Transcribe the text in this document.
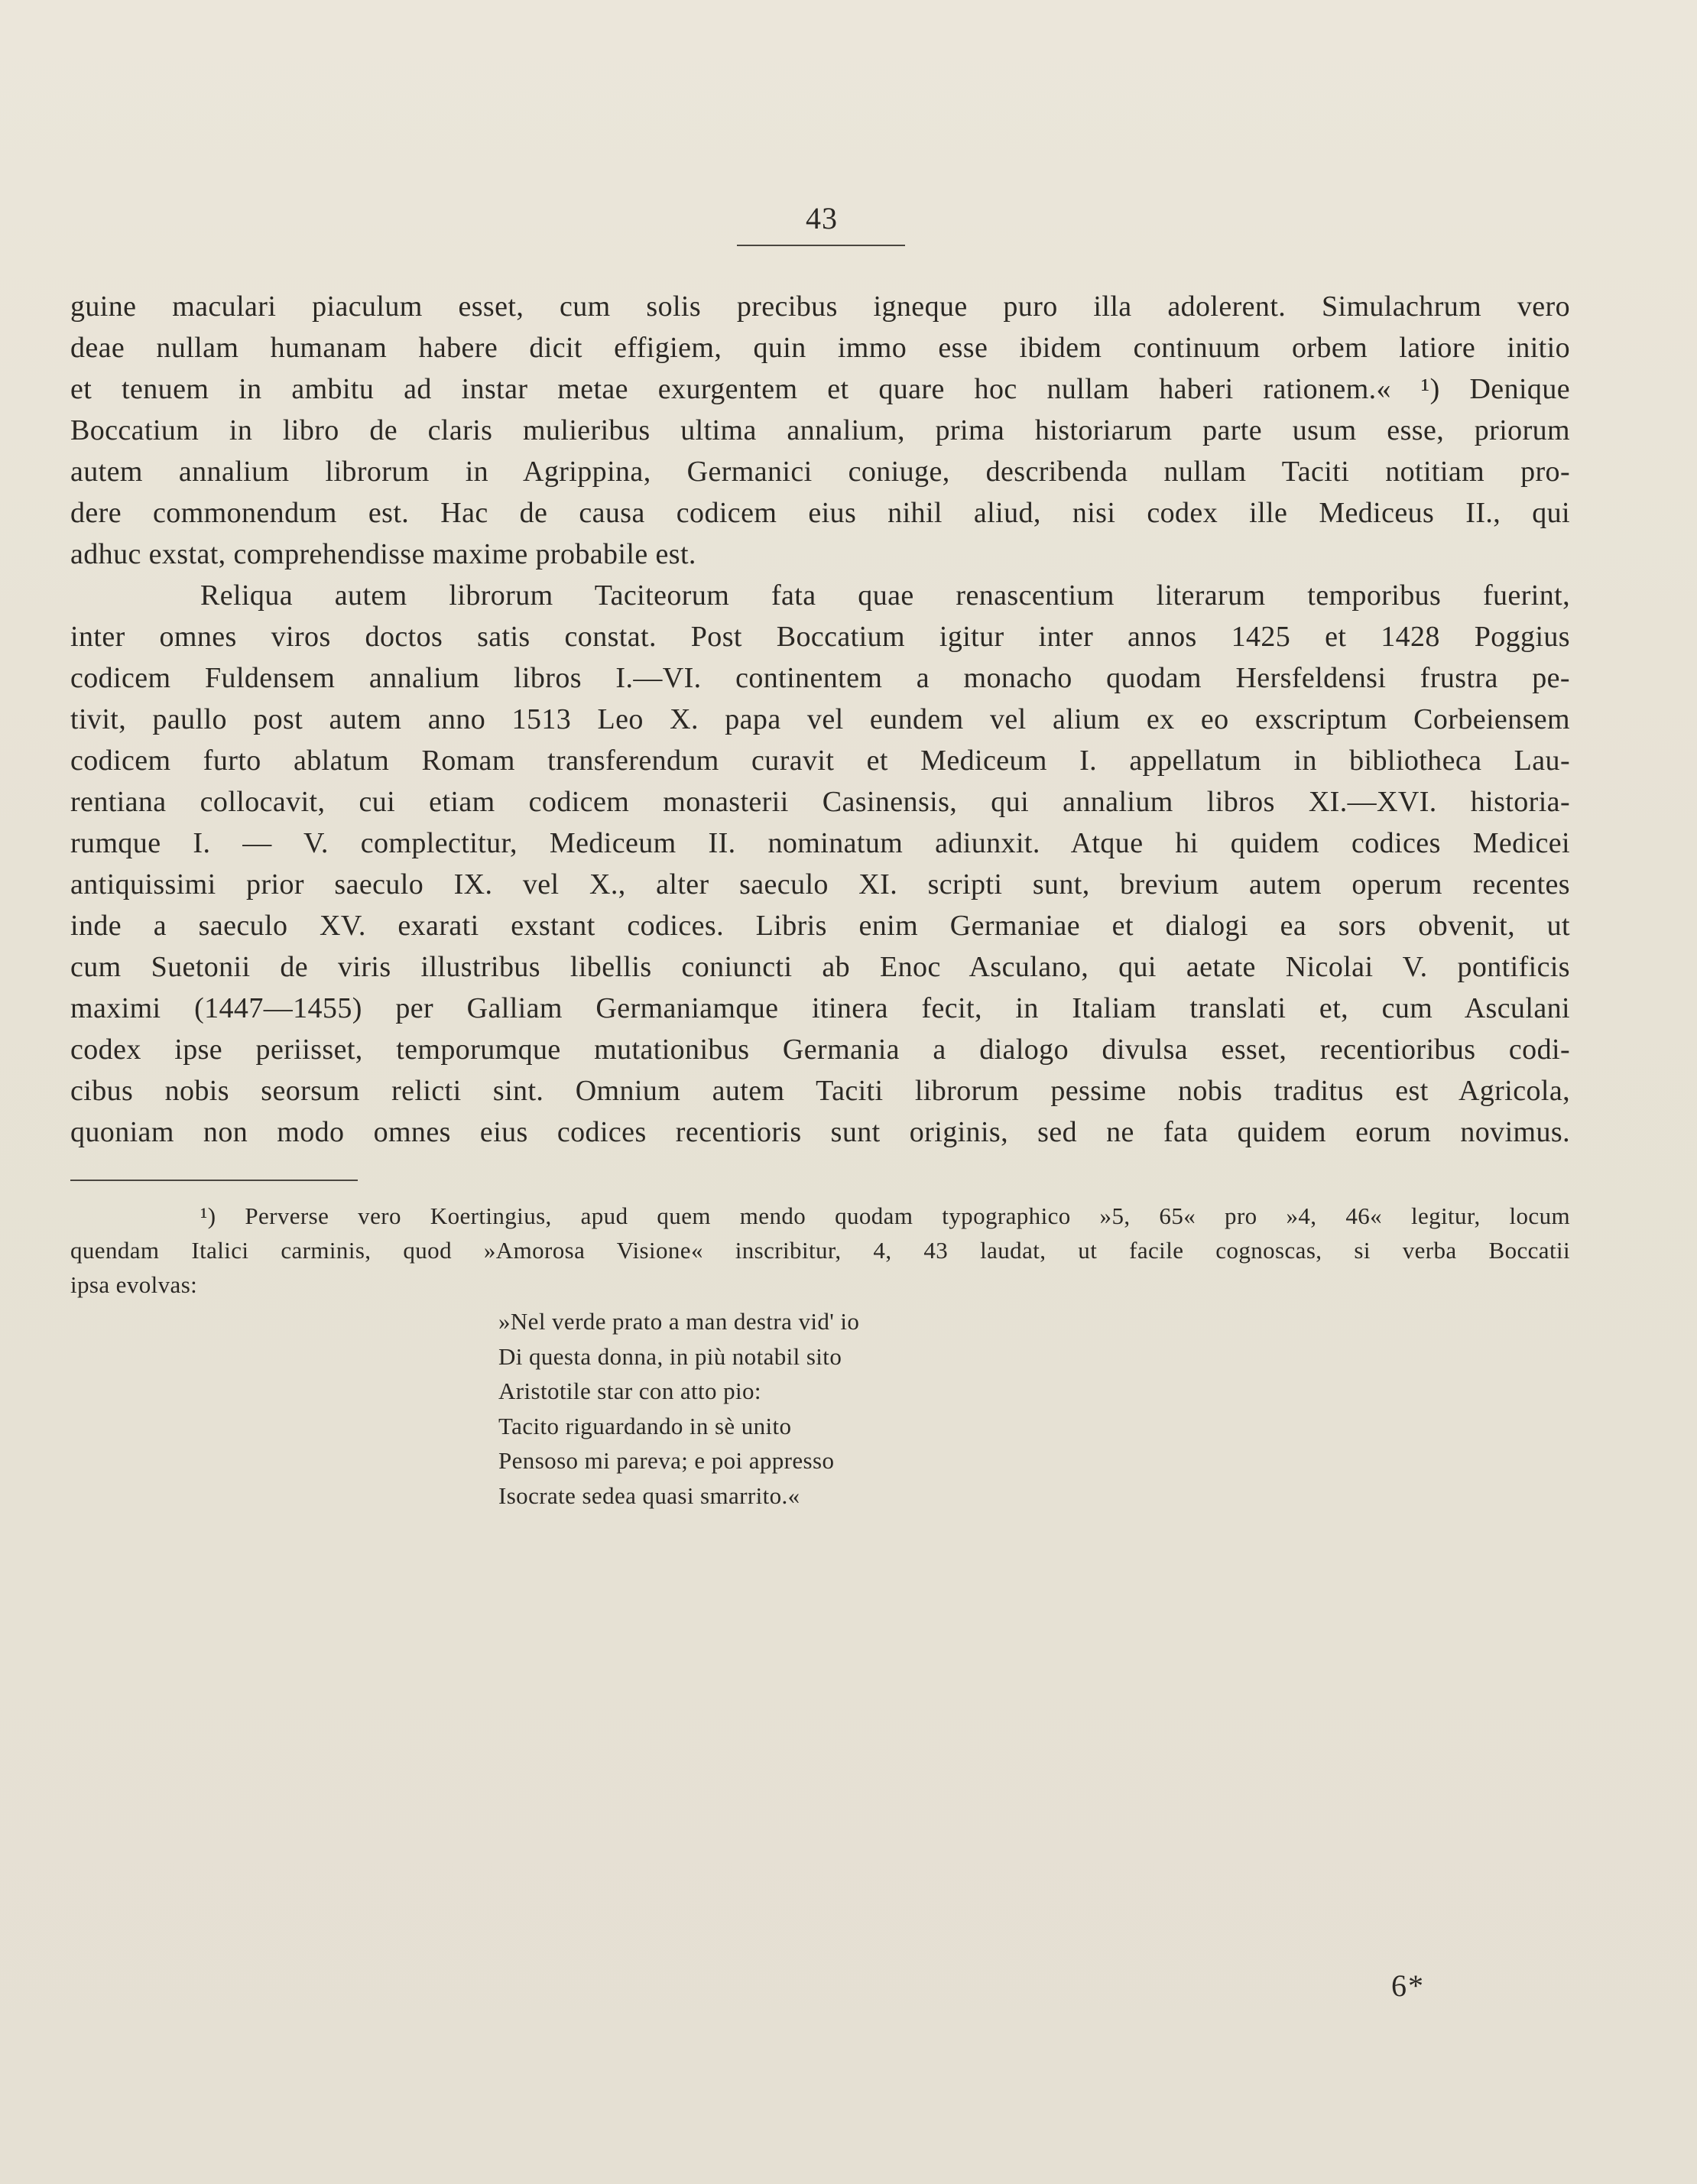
43
guine maculari piaculum esset, cum solis precibus igneque puro illa adolerent. Simulachrum vero
deae nullam humanam habere dicit effigiem, quin immo esse ibidem continuum orbem latiore initio
et tenuem in ambitu ad instar metae exurgentem et quare hoc nullam haberi rationem.« ¹) Denique
Boccatium in libro de claris mulieribus ultima annalium, prima historiarum parte usum esse, priorum
autem annalium librorum in Agrippina, Germanici coniuge, describenda nullam Taciti notitiam pro-
dere commonendum est. Hac de causa codicem eius nihil aliud, nisi codex ille Mediceus II., qui
adhuc exstat, comprehendisse maxime probabile est.
Reliqua autem librorum Taciteorum fata quae renascentium literarum temporibus fuerint,
inter omnes viros doctos satis constat. Post Boccatium igitur inter annos 1425 et 1428 Poggius
codicem Fuldensem annalium libros I.—VI. continentem a monacho quodam Hersfeldensi frustra pe-
tivit, paullo post autem anno 1513 Leo X. papa vel eundem vel alium ex eo exscriptum Corbeiensem
codicem furto ablatum Romam transferendum curavit et Mediceum I. appellatum in bibliotheca Lau-
rentiana collocavit, cui etiam codicem monasterii Casinensis, qui annalium libros XI.—XVI. historia-
rumque I. — V. complectitur, Mediceum II. nominatum adiunxit. Atque hi quidem codices Medicei
antiquissimi prior saeculo IX. vel X., alter saeculo XI. scripti sunt, brevium autem operum recentes
inde a saeculo XV. exarati exstant codices. Libris enim Germaniae et dialogi ea sors obvenit, ut
cum Suetonii de viris illustribus libellis coniuncti ab Enoc Asculano, qui aetate Nicolai V. pontificis
maximi (1447—1455) per Galliam Germaniamque itinera fecit, in Italiam translati et, cum Asculani
codex ipse periisset, temporumque mutationibus Germania a dialogo divulsa esset, recentioribus codi-
cibus nobis seorsum relicti sint. Omnium autem Taciti librorum pessime nobis traditus est Agricola,
quoniam non modo omnes eius codices recentioris sunt originis, sed ne fata quidem eorum novimus.
¹) Perverse vero Koertingius, apud quem mendo quodam typographico »5, 65« pro »4, 46« legitur, locum
quendam Italici carminis, quod »Amorosa Visione« inscribitur, 4, 43 laudat, ut facile cognoscas, si verba Boccatii
ipsa evolvas:
»Nel verde prato a man destra vid' io
Di questa donna, in più notabil sito
Aristotile star con atto pio:
Tacito riguardando in sè unito
Pensoso mi pareva; e poi appresso
Isocrate sedea quasi smarrito.«
6*
